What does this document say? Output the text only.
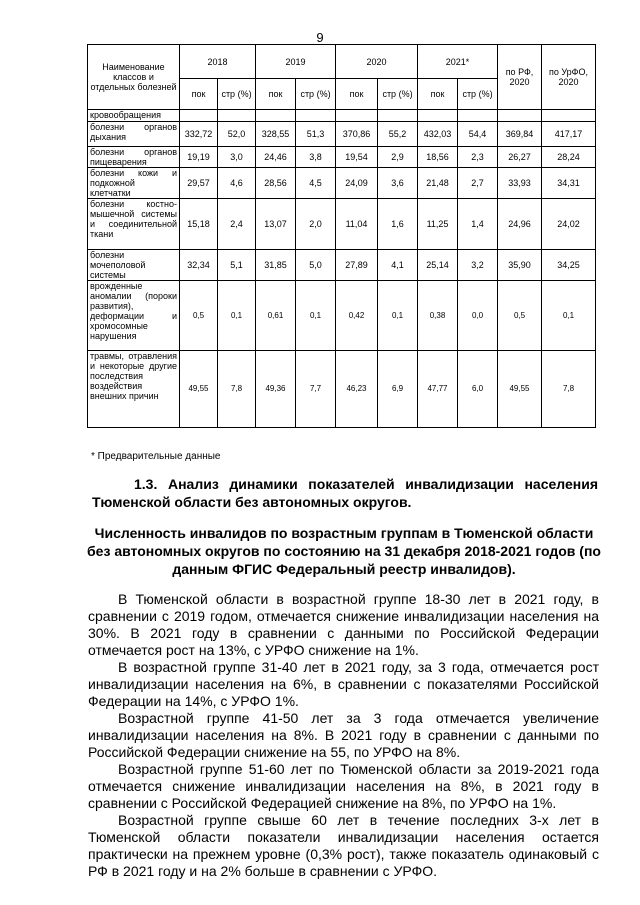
9
Наименование классов и отдельных болезней	2018		2019		2020		2021*		по РФ, 2020	по УрФО, 2020
	пок	стр (%)	пок	стр (%)	пок	стр (%)	пок	стр (%)		
кровообращения										
болезни органов дыхания	332,72	52,0	328,55	51,3	370,86	55,2	432,03	54,4	369,84	417,17
болезни органов пищеварения	19,19	3,0	24,46	3,8	19,54	2,9	18,56	2,3	26,27	28,24
болезни кожи и подкожной клетчатки	29,57	4,6	28,56	4,5	24,09	3,6	21,48	2,7	33,93	34,31
болезни костно-мышечной системы и соединительной ткани	15,18	2,4	13,07	2,0	11,04	1,6	11,25	1,4	24,96	24,02
болезни мочеполовой системы	32,34	5,1	31,85	5,0	27,89	4,1	25,14	3,2	35,90	34,25
врожденные аномалии (пороки развития), деформации и хромосомные нарушения	0,5	0,1	0,61	0,1	0,42	0,1	0,38	0,0	0,5	0,1
травмы, отравления и некоторые другие последствия воздействия внешних причин	49,55	7,8	49,36	7,7	46,23	6,9	47,77	6,0	49,55	7,8
* Предварительные данные

1.3. Анализ динамики показателей инвалидизации населения Тюменской области без автономных округов.

Численность инвалидов по возрастным группам в Тюменской области без автономных округов по состоянию на 31 декабря 2018-2021 годов (по данным ФГИС Федеральный реестр инвалидов).

В Тюменской области в возрастной группе 18-30 лет в 2021 году, в сравнении с 2019 годом, отмечается снижение инвалидизации населения на 30%. В 2021 году в сравнении с данными по Российской Федерации отмечается рост на 13%, с УРФО снижение на 1%.

В возрастной группе 31-40 лет в 2021 году, за 3 года, отмечается рост инвалидизации населения на 6%, в сравнении с показателями Российской Федерации на 14%, с УРФО 1%.

Возрастной группе 41-50 лет за 3 года отмечается увеличение инвалидизации населения на 8%. В 2021 году в сравнении с данными по Российской Федерации снижение на 55, по УРФО на 8%.

Возрастной группе 51-60 лет по Тюменской области за 2019-2021 года отмечается снижение инвалидизации населения на 8%, в 2021 году в сравнении с Российской Федерацией снижение на 8%, по УРФО на 1%.

Возрастной группе свыше 60 лет в течение последних 3-х лет в Тюменской области показатели инвалидизации населения остается практически на прежнем уровне (0,3% рост), также показатель одинаковый с РФ в 2021 году и на 2% больше в сравнении с УРФО.
